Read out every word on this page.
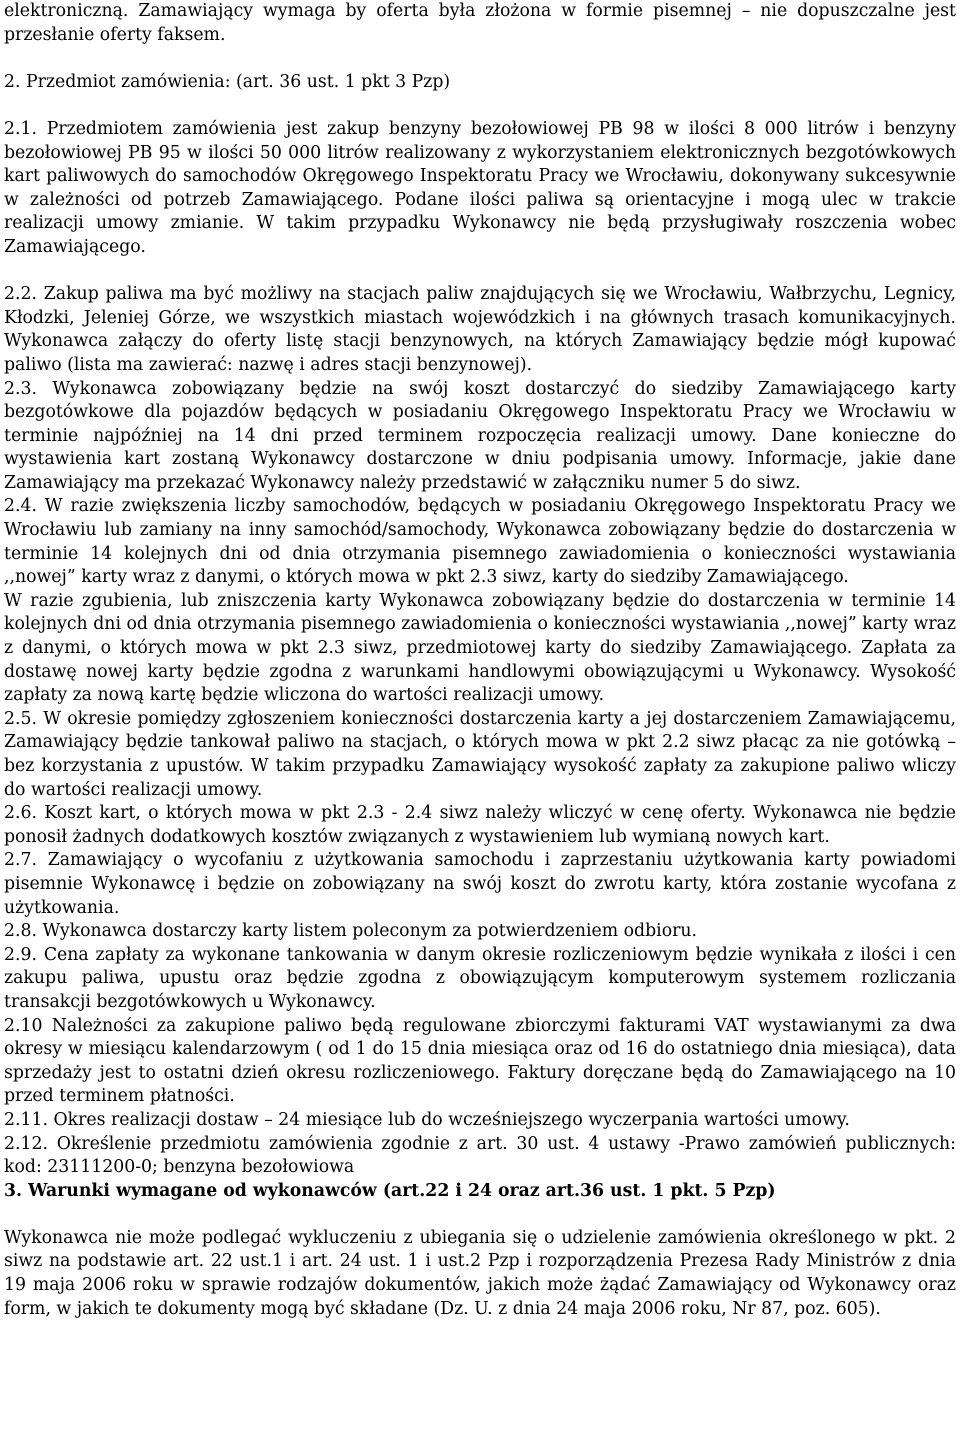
elektroniczną. Zamawiający wymaga by oferta była złożona w formie pisemnej – nie dopuszczalne jest przesłanie oferty faksem.

2. Przedmiot zamówienia: (art. 36 ust. 1 pkt 3 Pzp)

2.1. Przedmiotem zamówienia jest zakup benzyny bezołowiowej PB 98 w ilości 8 000 litrów i benzyny bezołowiowej PB 95 w ilości 50 000 litrów realizowany z wykorzystaniem elektronicznych bezgotówkowych kart paliwowych do samochodów Okręgowego Inspektoratu Pracy we Wrocławiu, dokonywany sukcesywnie w zależności od potrzeb Zamawiającego. Podane ilości paliwa są orientacyjne i mogą ulec w trakcie realizacji umowy zmianie. W takim przypadku Wykonawcy nie będą przysługiwały roszczenia wobec Zamawiającego.

2.2. Zakup paliwa ma być możliwy na stacjach paliw znajdujących się we Wrocławiu, Wałbrzychu, Legnicy, Kłodzki, Jeleniej Górze, we wszystkich miastach wojewódzkich i na głównych trasach komunikacyjnych. Wykonawca załączy do oferty listę stacji benzynowych, na których Zamawiający będzie mógł kupować paliwo (lista ma zawierać: nazwę i adres stacji benzynowej).

2.3. Wykonawca zobowiązany będzie na swój koszt dostarczyć do siedziby Zamawiającego karty bezgotówkowe dla pojazdów będących w posiadaniu Okręgowego Inspektoratu Pracy we Wrocławiu w terminie najpóźniej na 14 dni przed terminem rozpoczęcia realizacji umowy. Dane konieczne do wystawienia kart zostaną Wykonawcy dostarczone w dniu podpisania umowy. Informacje, jakie dane Zamawiający ma przekazać Wykonawcy należy przedstawić w załączniku numer 5 do siwz.

2.4. W razie zwiększenia liczby samochodów, będących w posiadaniu Okręgowego Inspektoratu Pracy we Wrocławiu lub zamiany na inny samochód/samochody, Wykonawca zobowiązany będzie do dostarczenia w terminie 14 kolejnych dni od dnia otrzymania pisemnego zawiadomienia o konieczności wystawiania ,,nowej” karty wraz z danymi, o których mowa w pkt 2.3 siwz, karty do siedziby Zamawiającego.

W razie zgubienia, lub zniszczenia karty Wykonawca zobowiązany będzie do dostarczenia w terminie 14 kolejnych dni od dnia otrzymania pisemnego zawiadomienia o konieczności wystawiania ,,nowej” karty wraz z danymi, o których mowa w pkt 2.3 siwz, przedmiotowej karty do siedziby Zamawiającego. Zapłata za dostawę nowej karty będzie zgodna z warunkami handlowymi obowiązującymi u Wykonawcy. Wysokość zapłaty za nową kartę będzie wliczona do wartości realizacji umowy.

2.5. W okresie pomiędzy zgłoszeniem konieczności dostarczenia karty a jej dostarczeniem Zamawiającemu, Zamawiający będzie tankował paliwo na stacjach, o których mowa w pkt 2.2 siwz płacąc za nie gotówką – bez korzystania z upustów. W takim przypadku Zamawiający wysokość zapłaty za zakupione paliwo wliczy do wartości realizacji umowy.

2.6. Koszt kart, o których mowa w pkt 2.3 - 2.4 siwz należy wliczyć w cenę oferty. Wykonawca nie będzie ponosił żadnych dodatkowych kosztów związanych z wystawieniem lub wymianą nowych kart.

2.7. Zamawiający o wycofaniu z użytkowania samochodu i zaprzestaniu użytkowania karty powiadomi pisemnie Wykonawcę i będzie on zobowiązany na swój koszt do zwrotu karty, która zostanie wycofana z użytkowania.

2.8. Wykonawca dostarczy karty listem poleconym za potwierdzeniem odbioru.

2.9. Cena zapłaty za wykonane tankowania w danym okresie rozliczeniowym będzie wynikała z ilości i cen zakupu paliwa, upustu oraz będzie zgodna z obowiązującym komputerowym systemem rozliczania transakcji bezgotówkowych u Wykonawcy.

2.10 Należności za zakupione paliwo będą regulowane zbiorczymi fakturami VAT wystawianymi za dwa okresy w miesiącu kalendarzowym ( od 1 do 15 dnia miesiąca oraz od 16 do ostatniego dnia miesiąca), data sprzedaży jest to ostatni dzień okresu rozliczeniowego. Faktury doręczane będą do Zamawiającego na 10 przed terminem płatności.

2.11. Okres realizacji dostaw – 24 miesiące lub do wcześniejszego wyczerpania wartości umowy.

2.12. Określenie przedmiotu zamówienia zgodnie z art. 30 ust. 4 ustawy -Prawo zamówień publicznych: kod: 23111200-0; benzyna bezołowiowa

3. Warunki wymagane od wykonawców (art.22 i 24 oraz art.36 ust. 1 pkt. 5 Pzp)

Wykonawca nie może podlegać wykluczeniu z ubiegania się o udzielenie zamówienia określonego w pkt. 2 siwz na podstawie art. 22 ust.1 i art. 24 ust. 1 i ust.2 Pzp i rozporządzenia Prezesa Rady Ministrów z dnia 19 maja 2006 roku w sprawie rodzajów dokumentów, jakich może żądać Zamawiający od Wykonawcy oraz form, w jakich te dokumenty mogą być składane (Dz. U. z dnia 24 maja 2006 roku, Nr 87, poz. 605).
